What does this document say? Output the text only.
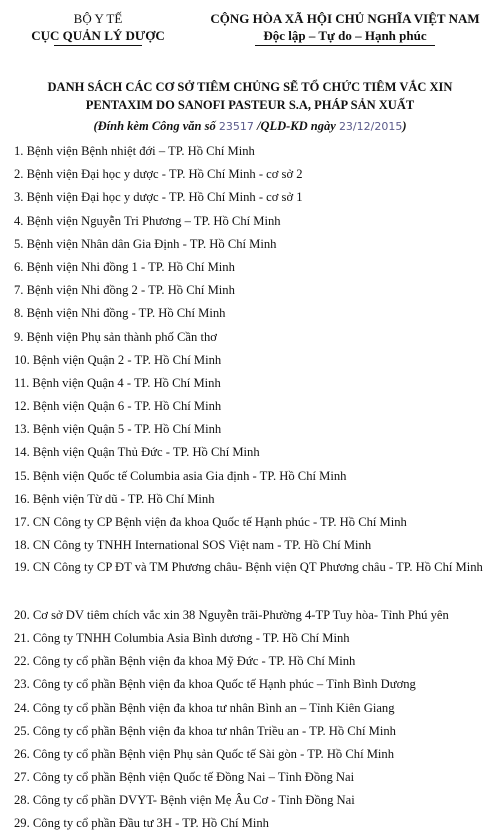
BỘ Y TẾ
CỤC QUẢN LÝ DƯỢC
CỘNG HÒA XÃ HỘI CHỦ NGHĨA VIỆT NAM
Độc lập – Tự do – Hạnh phúc
DANH SÁCH CÁC CƠ SỞ TIÊM CHỦNG SẼ TỔ CHỨC TIÊM VẮC XIN
PENTAXIM DO SANOFI PASTEUR S.A, PHÁP SẢN XUẤT
(Đính kèm Công văn số 23517 /QLD-KD ngày 23/12/2015)
1. Bệnh viện Bệnh nhiệt đới – TP. Hồ Chí Minh
2. Bệnh viện Đại học y dược - TP. Hồ Chí Minh - cơ sở 2
3. Bệnh viện Đại học y dược - TP. Hồ Chí Minh - cơ sở 1
4. Bệnh viện Nguyễn Tri Phương – TP. Hồ Chí Minh
5. Bệnh viện Nhân dân Gia Định - TP. Hồ Chí Minh
6. Bệnh viện Nhi đồng 1 - TP. Hồ Chí Minh
7. Bệnh viện Nhi đồng 2 - TP. Hồ Chí Minh
8. Bệnh viện Nhi đồng - TP. Hồ Chí Minh
9. Bệnh viện Phụ sản thành phố Cần thơ
10. Bệnh viện Quận 2 - TP. Hồ Chí Minh
11. Bệnh viện Quận 4 - TP. Hồ Chí Minh
12. Bệnh viện Quận 6 - TP. Hồ Chí Minh
13. Bệnh viện Quận 5 - TP. Hồ Chí Minh
14. Bệnh viện Quận Thủ Đức - TP. Hồ Chí Minh
15. Bệnh viện Quốc tế Columbia asia Gia định - TP. Hồ Chí Minh
16. Bệnh viện Từ dũ - TP. Hồ Chí Minh
17. CN Công ty CP Bệnh viện đa khoa Quốc tế Hạnh phúc - TP. Hồ Chí Minh
18. CN Công ty TNHH International SOS Việt nam - TP. Hồ Chí Minh
19. CN Công ty CP ĐT và TM Phương châu- Bệnh viện QT Phương châu - TP. Hồ Chí Minh
20. Cơ sở DV tiêm chích vắc xin 38 Nguyễn trãi-Phường 4-TP Tuy hòa- Tỉnh Phú yên
21. Công ty TNHH Columbia Asia Bình dương - TP. Hồ Chí Minh
22. Công ty cổ phần Bệnh viện đa khoa Mỹ Đức - TP. Hồ Chí Minh
23. Công ty cổ phần Bệnh viện đa khoa Quốc tế Hạnh phúc – Tỉnh Bình Dương
24. Công ty cổ phần Bệnh viện đa khoa tư nhân Bình an – Tỉnh Kiên Giang
25. Công ty cổ phần Bệnh viện đa khoa tư nhân Triều an - TP. Hồ Chí Minh
26. Công ty cổ phần Bệnh viện Phụ sản Quốc tế Sài gòn - TP. Hồ Chí Minh
27. Công ty cổ phần Bệnh viện Quốc tế Đồng Nai – Tỉnh Đồng Nai
28. Công ty cổ phần DVYT- Bệnh viện Mẹ Âu Cơ - Tỉnh Đồng Nai
29. Công ty cổ phần Đầu tư 3H - TP. Hồ Chí Minh
